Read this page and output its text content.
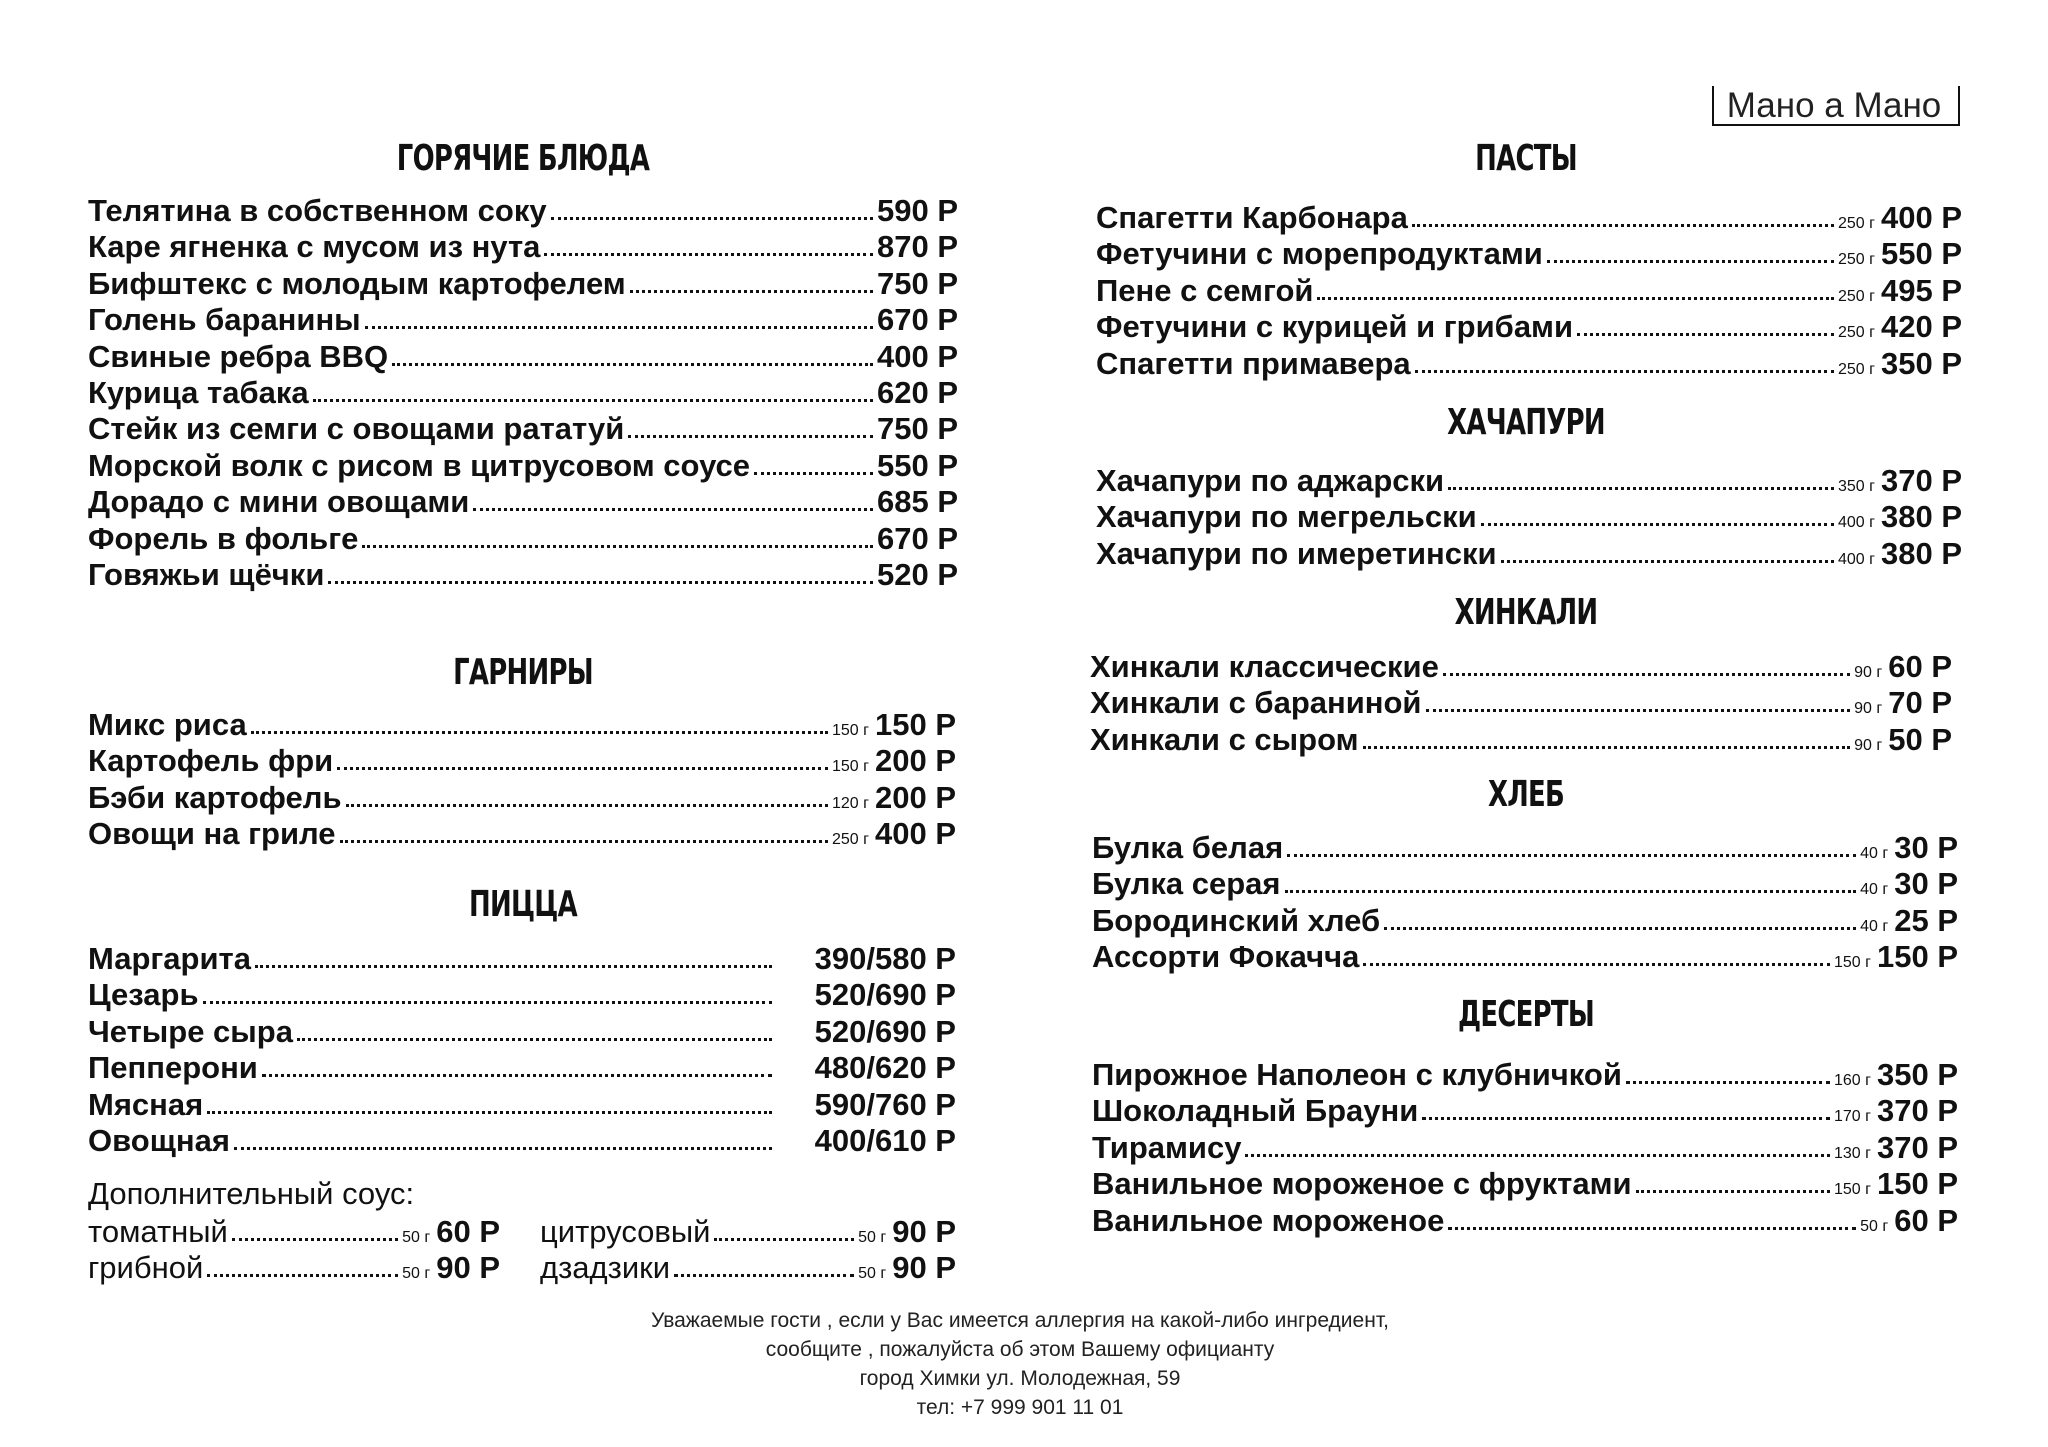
Мано а Мано
ГОРЯЧИЕ БЛЮДА
Телятина в собственном соку	590 Р
Каре ягненка с мусом из нута	870 Р
Бифштекс с молодым картофелем	750 Р
Голень баранины	670 Р
Свиные ребра BBQ	400 Р
Курица табака	620 Р
Стейк из семги с овощами рататуй	750 Р
Морской волк с рисом в цитрусовом соусе	550 Р
Дорадо с мини овощами	685 Р
Форель в фольге	670 Р
Говяжьи щёчки	520 Р
ГАРНИРЫ
Микс риса	150 г 150 Р
Картофель фри	150 г 200 Р
Бэби картофель	120 г 200 Р
Овощи на гриле	250 г 400 Р
ПИЦЦА
Маргарита	390/580 Р
Цезарь	520/690 Р
Четыре сыра	520/690 Р
Пепперони	480/620 Р
Мясная	590/760 Р
Овощная	400/610 Р
Дополнительный соус:
томатный	50 г 60 Р цитрусовый	50 г 90 Р
грибной	50 г 90 Р дзадзики	50 г 90 Р
ПАСТЫ
Спагетти Карбонара	250 г 400 Р
Фетучини с морепродуктами	250 г 550 Р
Пене с семгой	250 г 495 Р
Фетучини с курицей и грибами	250 г 420 Р
Спагетти примавера	250 г 350 Р
ХАЧАПУРИ
Хачапури по аджарски	350 г 370 Р
Хачапури по мегрельски	400 г 380 Р
Хачапури по имеретински	400 г 380 Р
ХИНКАЛИ
Хинкали классические	90 г 60 Р
Хинкали с бараниной	90 г 70 Р
Хинкали с сыром	90 г 50 Р
ХЛЕБ
Булка белая	40 г 30 Р
Булка серая	40 г 30 Р
Бородинский хлеб	40 г 25 Р
Ассорти Фокачча	150 г 150 Р
ДЕСЕРТЫ
Пирожное Наполеон с клубничкой	160 г 350 Р
Шоколадный Брауни	170 г 370 Р
Тирамису	130 г 370 Р
Ванильное мороженое с фруктами	150 г 150 Р
Ванильное мороженое	50 г 60 Р
Уважаемые гости , если у Вас имеется аллергия на какой-либо ингредиент,
сообщите , пожалуйста об этом Вашему официанту
город Химки ул. Молодежная, 59
тел: +7 999 901 11 01
